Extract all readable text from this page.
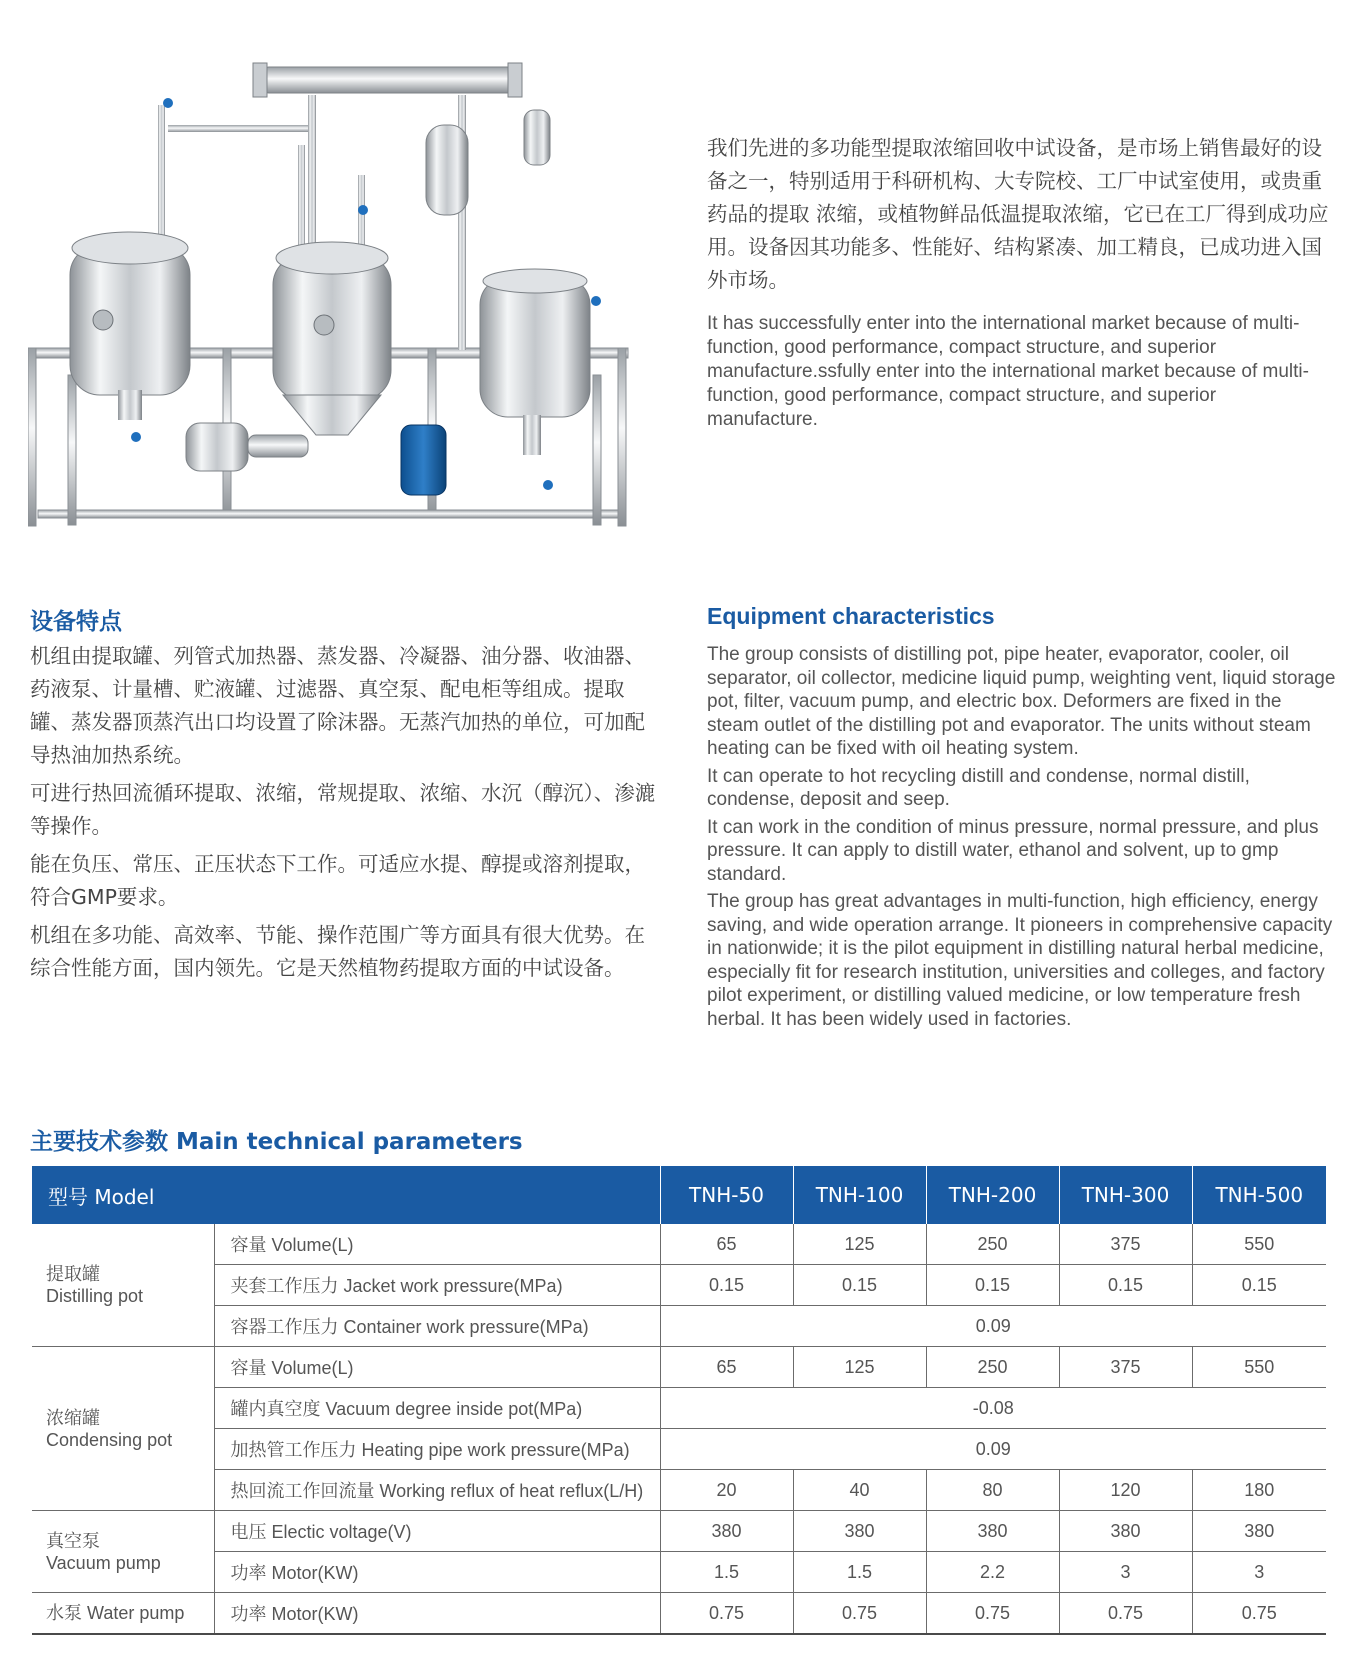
我们先进的多功能型提取浓缩回收中试设备，是市场上销售最好的设备之一，特别适用于科研机构、大专院校、工厂中试室使用，或贵重药品的提取 浓缩，或植物鲜品低温提取浓缩，它已在工厂得到成功应用。设备因其功能多、性能好、结构紧凑、加工精良，已成功进入国外市场。

It has successfully enter into the international market because of multi-function, good performance, compact structure, and superior manufacture.ssfully enter into the international market because of multi-function, good performance, compact structure, and superior manufacture.

设备特点	Equipment characteristics

机组由提取罐、列管式加热器、蒸发器、冷凝器、油分器、收油器、药液泵、计量槽、贮液罐、过滤器、真空泵、配电柜等组成。提取罐、蒸发器顶蒸汽出口均设置了除沫器。无蒸汽加热的单位，可加配导热油加热系统。

可进行热回流循环提取、浓缩，常规提取、浓缩、水沉（醇沉）、渗漉等操作。

能在负压、常压、正压状态下工作。可适应水提、醇提或溶剂提取，符合GMP要求。

机组在多功能、高效率、节能、操作范围广等方面具有很大优势。在综合性能方面，国内领先。它是天然植物药提取方面的中试设备。

The group consists of distilling pot, pipe heater, evaporator, cooler, oil separator, oil collector, medicine liquid pump, weighting vent, liquid storage pot, filter, vacuum pump, and electric box. Deformers are fixed in the steam outlet of the distilling pot and evaporator. The units without steam heating can be fixed with oil heating system.

It can operate to hot recycling distill and condense, normal distill, condense, deposit and seep.

It can work in the condition of minus pressure, normal pressure, and plus pressure. It can apply to distill water, ethanol and solvent, up to gmp standard.

The group has great advantages in multi-function, high efficiency, energy saving, and wide operation arrange. It pioneers in comprehensive capacity in nationwide; it is the pilot equipment in distilling natural herbal medicine, especially fit for research institution, universities and colleges, and factory pilot experiment, or distilling valued medicine, or low temperature fresh herbal. It has been widely used in factories.

主要技术参数 Main technical parameters
型号 Model		TNH-50	TNH-100	TNH-200	TNH-300	TNH-500
提取罐
Distilling pot	容量 Volume(L)	65	125	250	375	550
	夹套工作压力 Jacket work pressure(MPa)	0.15	0.15	0.15	0.15	0.15
	容器工作压力 Container work pressure(MPa)	0.09				
浓缩罐
Condensing pot	容量 Volume(L)	65	125	250	375	550
	罐内真空度 Vacuum degree inside pot(MPa)	-0.08				
	加热管工作压力 Heating pipe work pressure(MPa)	0.09				
	热回流工作回流量 Working reflux of heat reflux(L/H)	20	40	80	120	180
真空泵
Vacuum pump	电压 Electic voltage(V)	380	380	380	380	380
	功率 Motor(KW)	1.5	1.5	2.2	3	3
水泵 Water pump	功率 Motor(KW)	0.75	0.75	0.75	0.75	0.75
